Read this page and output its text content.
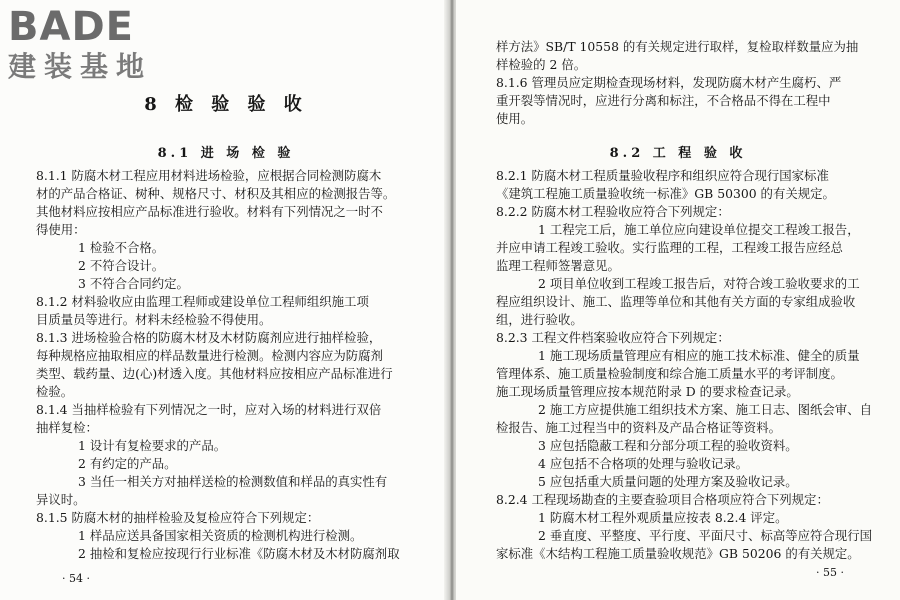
BADE
建装基地
8 检 验 验 收
8.1 进 场 检 验
8.1.1 防腐木材工程应用材料进场检验，应根据合同检测防腐木
材的产品合格证、树种、规格尺寸、材积及其相应的检测报告等。
其他材料应按相应产品标准进行验收。材料有下列情况之一时不
得使用：
1 检验不合格。
2 不符合设计。
3 不符合合同约定。
8.1.2 材料验收应由监理工程师或建设单位工程师组织施工项
目质量员等进行。材料未经检验不得使用。
8.1.3 进场检验合格的防腐木材及木材防腐剂应进行抽样检验，
每种规格应抽取相应的样品数量进行检测。检测内容应为防腐剂
类型、载药量、边(心)材透入度。其他材料应按相应产品标准进行
检验。
8.1.4 当抽样检验有下列情况之一时，应对入场的材料进行双倍
抽样复检：
1 设计有复检要求的产品。
2 有约定的产品。
3 当任一相关方对抽样送检的检测数值和样品的真实性有
异议时。
8.1.5 防腐木材的抽样检验及复检应符合下列规定：
1 样品应送具备国家相关资质的检测机构进行检测。
2 抽检和复检应按现行行业标准《防腐木材及木材防腐剂取
· 54 ·
样方法》SB/T 10558 的有关规定进行取样，复检取样数量应为抽
样检验的 2 倍。
8.1.6 管理员应定期检查现场材料，发现防腐木材产生腐朽、严
重开裂等情况时，应进行分离和标注，不合格品不得在工程中
使用。
8.2 工 程 验 收
8.2.1 防腐木材工程质量验收程序和组织应符合现行国家标准
《建筑工程施工质量验收统一标准》GB 50300 的有关规定。
8.2.2 防腐木材工程验收应符合下列规定：
1 工程完工后，施工单位应向建设单位提交工程竣工报告，
并应申请工程竣工验收。实行监理的工程，工程竣工报告应经总
监理工程师签署意见。
2 项目单位收到工程竣工报告后，对符合竣工验收要求的工
程应组织设计、施工、监理等单位和其他有关方面的专家组成验收
组，进行验收。
8.2.3 工程文件档案验收应符合下列规定：
1 施工现场质量管理应有相应的施工技术标准、健全的质量
管理体系、施工质量检验制度和综合施工质量水平的考评制度。
施工现场质量管理应按本规范附录 D 的要求检查记录。
2 施工方应提供施工组织技术方案、施工日志、图纸会审、自
检报告、施工过程当中的资料及产品合格证等资料。
3 应包括隐蔽工程和分部分项工程的验收资料。
4 应包括不合格项的处理与验收记录。
5 应包括重大质量问题的处理方案及验收记录。
8.2.4 工程现场勘查的主要查验项目合格项应符合下列规定：
1 防腐木材工程外观质量应按表 8.2.4 评定。
2 垂直度、平整度、平行度、平面尺寸、标高等应符合现行国
家标准《木结构工程施工质量验收规范》GB 50206 的有关规定。
· 55 ·
